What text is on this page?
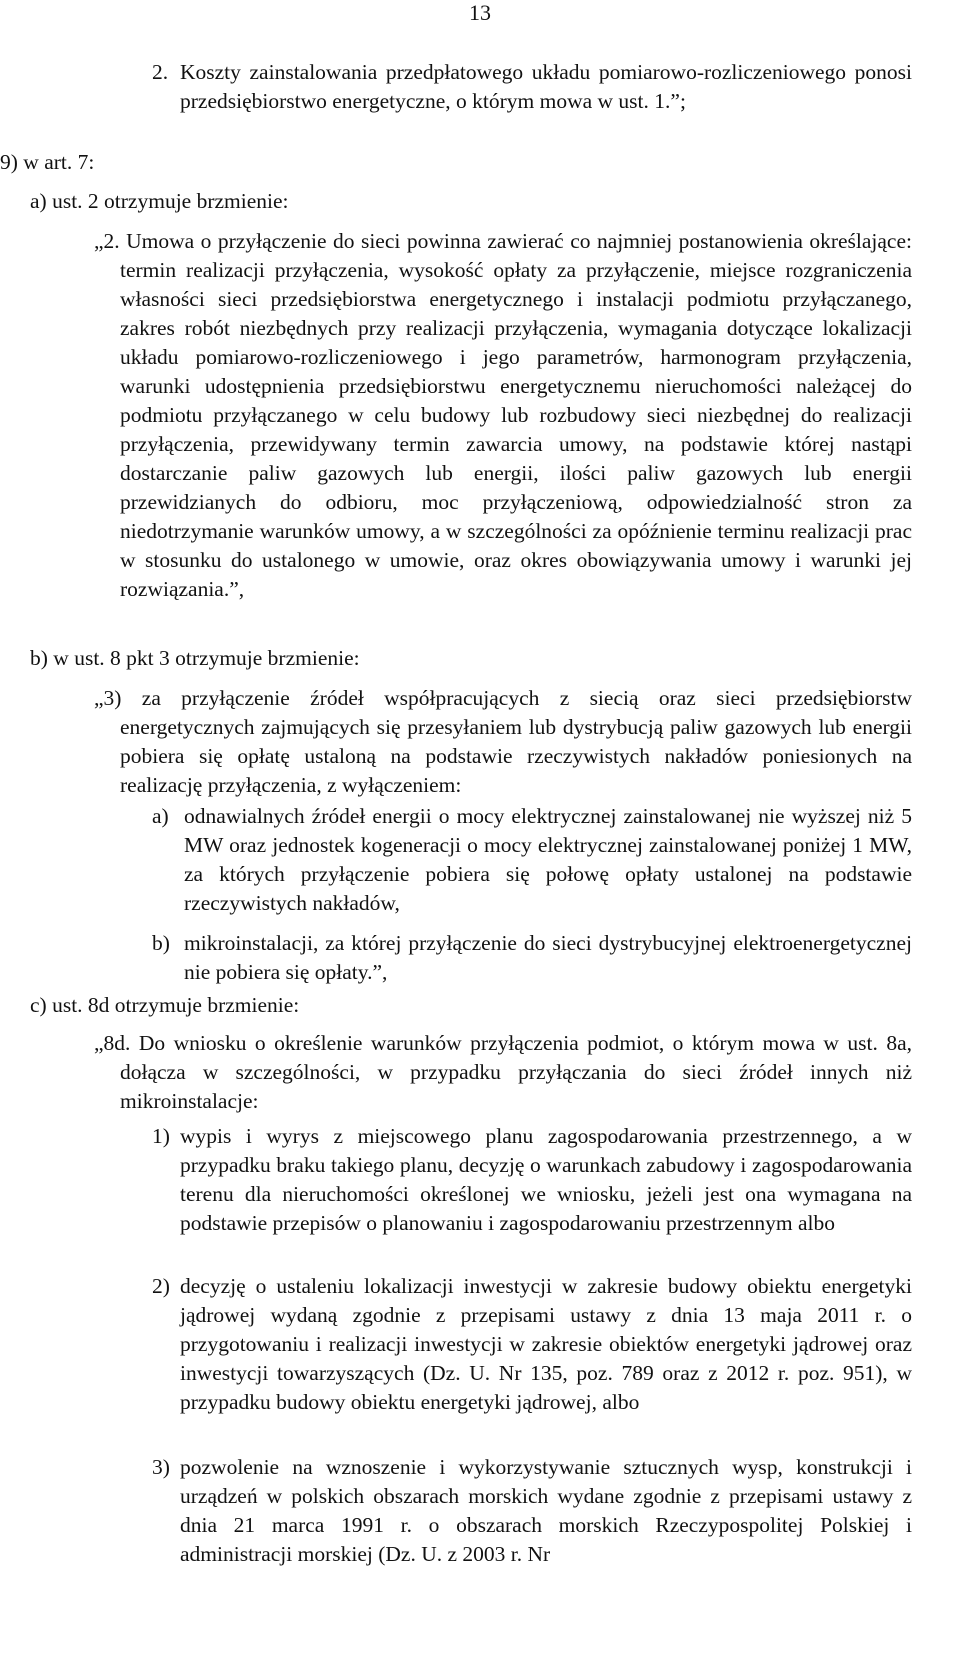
13
2. Koszty zainstalowania przedpłatowego układu pomiarowo-rozliczeniowego ponosi przedsiębiorstwo energetyczne, o którym mowa w ust. 1.”;
9) w art. 7:
a) ust. 2 otrzymuje brzmienie:
„2. Umowa o przyłączenie do sieci powinna zawierać co najmniej postanowienia określające: termin realizacji przyłączenia, wysokość opłaty za przyłączenie, miejsce rozgraniczenia własności sieci przedsiębiorstwa energetycznego i instalacji podmiotu przyłączanego, zakres robót niezbędnych przy realizacji przyłączenia, wymagania dotyczące lokalizacji układu pomiarowo-rozliczeniowego i jego parametrów, harmonogram przyłączenia, warunki udostępnienia przedsiębiorstwu energetycznemu nieruchomości należącej do podmiotu przyłączanego w celu budowy lub rozbudowy sieci niezbędnej do realizacji przyłączenia, przewidywany termin zawarcia umowy, na podstawie której nastąpi dostarczanie paliw gazowych lub energii, ilości paliw gazowych lub energii przewidzianych do odbioru, moc przyłączeniową, odpowiedzialność stron za niedotrzymanie warunków umowy, a w szczególności za opóźnienie terminu realizacji prac w stosunku do ustalonego w umowie, oraz okres obowiązywania umowy i warunki jej rozwiązania.”,
b) w ust. 8 pkt 3 otrzymuje brzmienie:
„3) za przyłączenie źródeł współpracujących z siecią oraz sieci przedsiębiorstw energetycznych zajmujących się przesyłaniem lub dystrybucją paliw gazowych lub energii pobiera się opłatę ustaloną na podstawie rzeczywistych nakładów poniesionych na realizację przyłączenia, z wyłączeniem:
a) odnawialnych źródeł energii o mocy elektrycznej zainstalowanej nie wyższej niż 5 MW oraz jednostek kogeneracji o mocy elektrycznej zainstalowanej poniżej 1 MW, za których przyłączenie pobiera się połowę opłaty ustalonej na podstawie rzeczywistych nakładów,
b) mikroinstalacji, za której przyłączenie do sieci dystrybucyjnej elektroenergetycznej nie pobiera się opłaty.”,
c) ust. 8d otrzymuje brzmienie:
„8d. Do wniosku o określenie warunków przyłączenia podmiot, o którym mowa w ust. 8a, dołącza w szczególności, w przypadku przyłączania do sieci źródeł innych niż mikroinstalacje:
1) wypis i wyrys z miejscowego planu zagospodarowania przestrzennego, a w przypadku braku takiego planu, decyzję o warunkach zabudowy i zagospodarowania terenu dla nieruchomości określonej we wniosku, jeżeli jest ona wymagana na podstawie przepisów o planowaniu i zagospodarowaniu przestrzennym albo
2) decyzję o ustaleniu lokalizacji inwestycji w zakresie budowy obiektu energetyki jądrowej wydaną zgodnie z przepisami ustawy z dnia 13 maja 2011 r. o przygotowaniu i realizacji inwestycji w zakresie obiektów energetyki jądrowej oraz inwestycji towarzyszących (Dz. U. Nr 135, poz. 789 oraz z 2012 r. poz. 951), w przypadku budowy obiektu energetyki jądrowej, albo
3) pozwolenie na wznoszenie i wykorzystywanie sztucznych wysp, konstrukcji i urządzeń w polskich obszarach morskich wydane zgodnie z przepisami ustawy z dnia 21 marca 1991 r. o obszarach morskich Rzeczypospolitej Polskiej i administracji morskiej (Dz. U. z 2003 r. Nr
